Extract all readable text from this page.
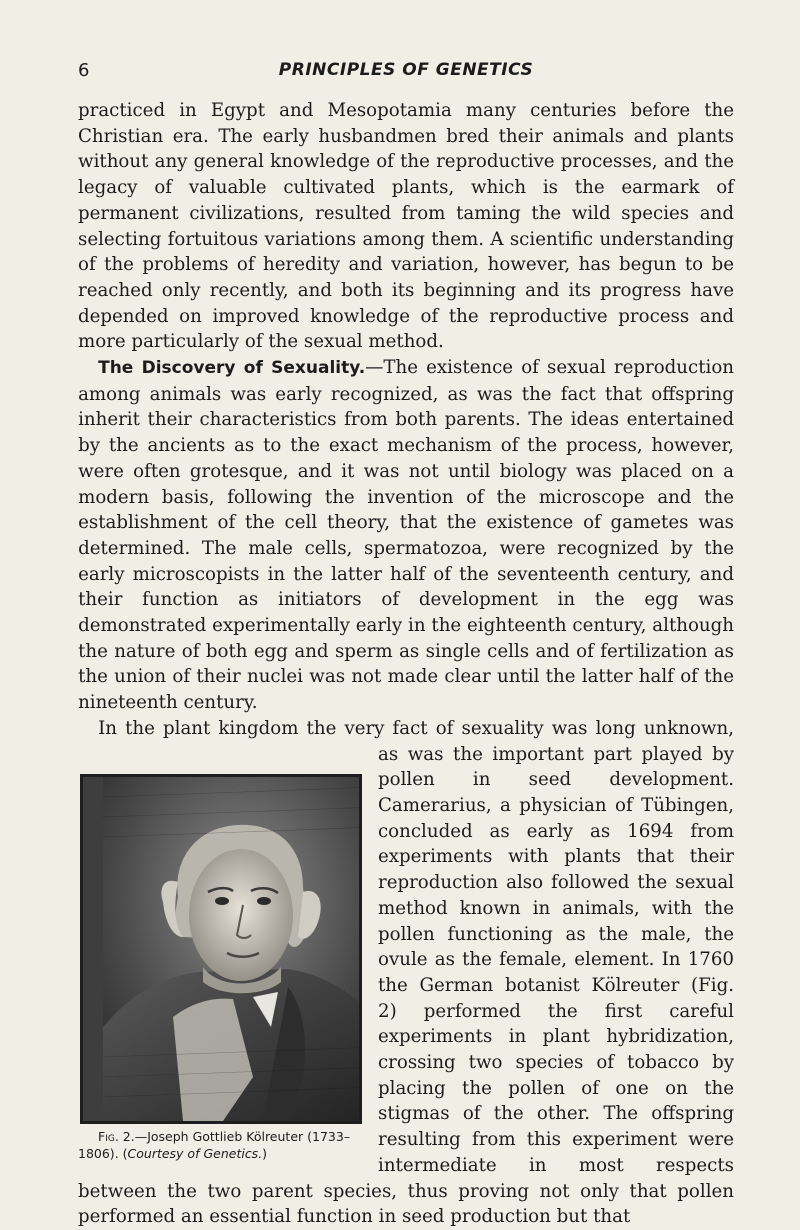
6	PRINCIPLES OF GENETICS

practiced in Egypt and Mesopotamia many centuries before the Christian era. The early husbandmen bred their animals and plants without any general knowledge of the reproductive processes, and the legacy of valuable cultivated plants, which is the earmark of permanent civilizations, resulted from taming the wild species and selecting fortuitous variations among them. A scientific understanding of the problems of heredity and variation, however, has begun to be reached only recently, and both its beginning and its progress have depended on improved knowledge of the reproductive process and more particularly of the sexual method.

Fig. 2.—Joseph Gottlieb Kölreuter (1733–1806). (Courtesy of Genetics.)
The Discovery of Sexuality.—The existence of sexual reproduction among animals was early recognized, as was the fact that offspring inherit their characteristics from both parents. The ideas entertained by the ancients as to the exact mechanism of the process, however, were often grotesque, and it was not until biology was placed on a modern basis, following the invention of the microscope and the establishment of the cell theory, that the existence of gametes was determined. The male cells, spermatozoa, were recognized by the early microscopists in the latter half of the seventeenth century, and their function as initiators of development in the egg was demonstrated experimentally early in the eighteenth century, although the nature of both egg and sperm as single cells and of fertilization as the union of their nuclei was not made clear until the latter half of the nineteenth century.

In the plant kingdom the very fact of sexuality was long unknown, as was the important part played by pollen in seed development. Camerarius, a physician of Tübingen, concluded as early as 1694 from experiments with plants that their reproduction also followed the sexual method known in animals, with the pollen functioning as the male, the ovule as the female, element. In 1760 the German botanist Kölreuter (Fig. 2) performed the first careful experiments in plant hybridization, crossing two species of tobacco by placing the pollen of one on the stigmas of the other. The offspring resulting from this experiment were intermediate in most respects between the two parent species, thus proving not only that pollen performed an essential function in seed production but that
